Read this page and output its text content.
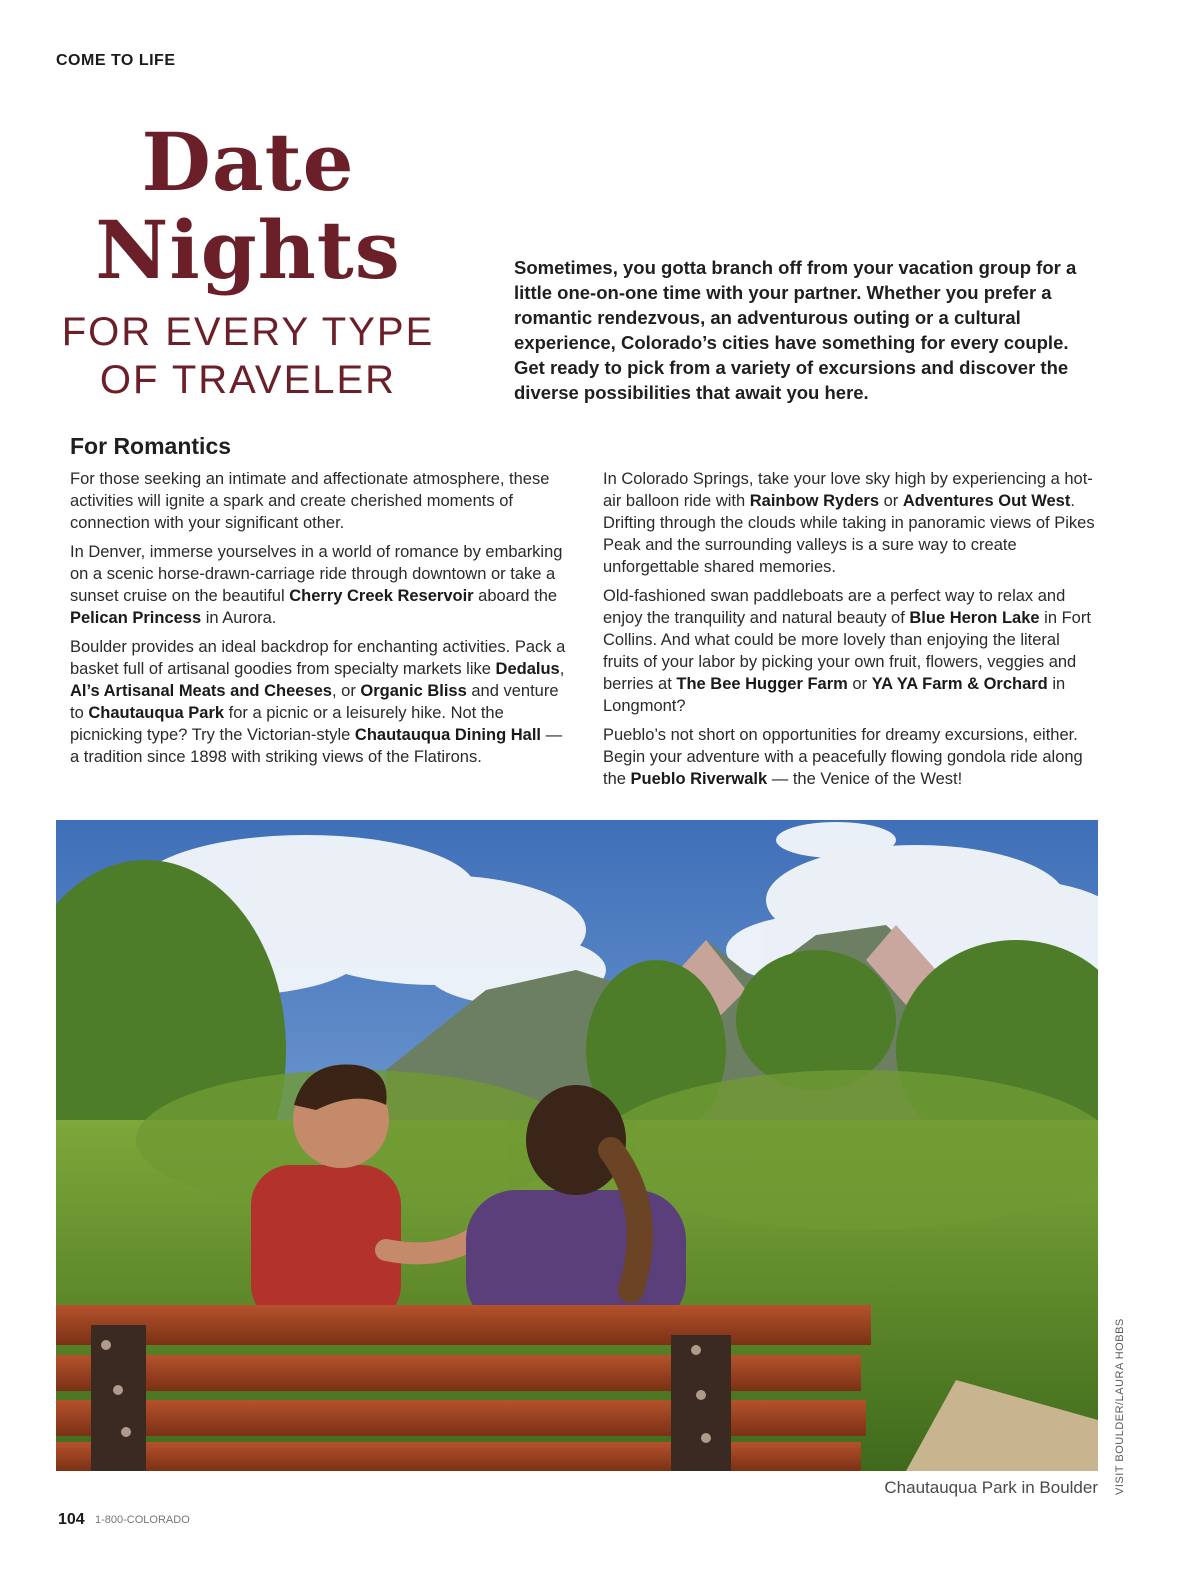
COME TO LIFE
Date
Nights
FOR EVERY TYPE
OF TRAVELER
Sometimes, you gotta branch off from your vacation group for a little one-on-one time with your partner. Whether you prefer a romantic rendezvous, an adventurous outing or a cultural experience, Colorado’s cities have something for every couple. Get ready to pick from a variety of excursions and discover the diverse possibilities that await you here.
For Romantics

For those seeking an intimate and affectionate atmosphere, these activities will ignite a spark and create cherished moments of connection with your significant other.

In Denver, immerse yourselves in a world of romance by embarking on a scenic horse-drawn-carriage ride through downtown or take a sunset cruise on the beautiful Cherry Creek Reservoir aboard the Pelican Princess in Aurora.

Boulder provides an ideal backdrop for enchanting activities. Pack a basket full of artisanal goodies from specialty markets like Dedalus, Al’s Artisanal Meats and Cheeses, or Organic Bliss and venture to Chautauqua Park for a picnic or a leisurely hike. Not the picnicking type? Try the Victorian-style Chautauqua Dining Hall — a tradition since 1898 with striking views of the Flatirons.

In Colorado Springs, take your love sky high by experiencing a hot-air balloon ride with Rainbow Ryders or Adventures Out West. Drifting through the clouds while taking in panoramic views of Pikes Peak and the surrounding valleys is a sure way to create unforgettable shared memories.

Old-fashioned swan paddleboats are a perfect way to relax and enjoy the tranquility and natural beauty of Blue Heron Lake in Fort Collins. And what could be more lovely than enjoying the literal fruits of your labor by picking your own fruit, flowers, veggies and berries at The Bee Hugger Farm or YA YA Farm & Orchard in Longmont?

Pueblo’s not short on opportunities for dreamy excursions, either. Begin your adventure with a peacefully flowing gondola ride along the Pueblo Riverwalk — the Venice of the West!

Chautauqua Park in Boulder VISIT BOULDER/LAURA HOBBS
104 1-800-COLORADO
